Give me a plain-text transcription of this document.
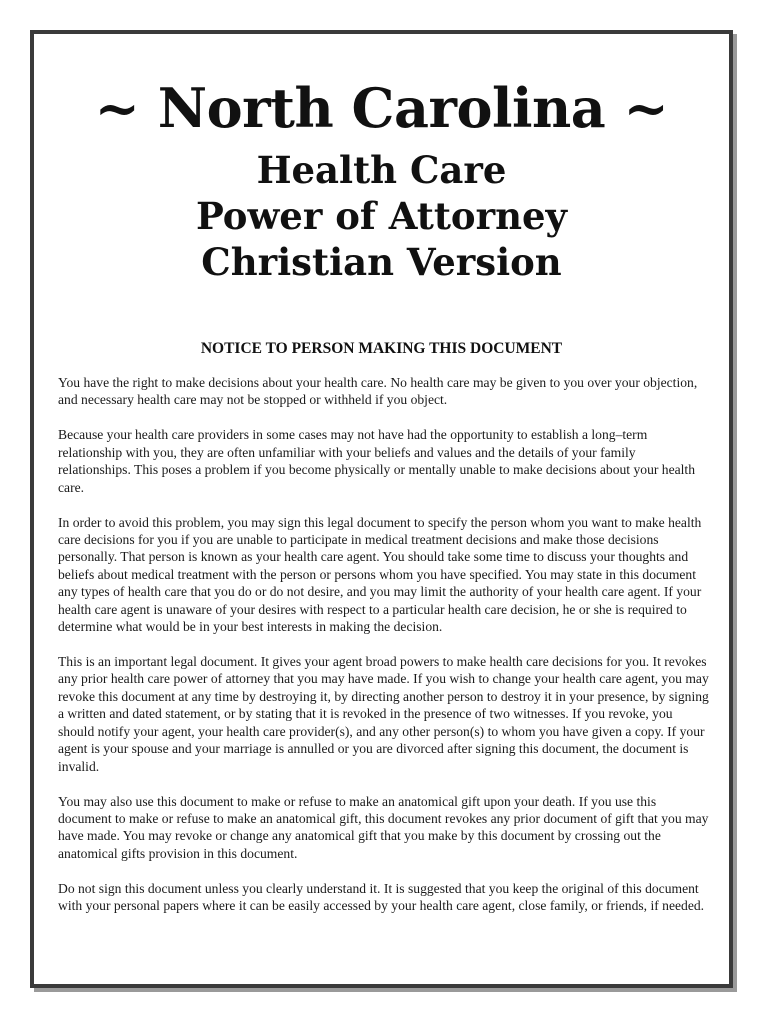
~ North Carolina ~
Health Care
Power of Attorney
Christian Version
NOTICE TO PERSON MAKING THIS DOCUMENT

You have the right to make decisions about your health care. No health care may be given to you over your objection, and necessary health care may not be stopped or withheld if you object.

Because your health care providers in some cases may not have had the opportunity to establish a long–term relationship with you, they are often unfamiliar with your beliefs and values and the details of your family relationships. This poses a problem if you become physically or mentally unable to make decisions about your health care.

In order to avoid this problem, you may sign this legal document to specify the person whom you want to make health care decisions for you if you are unable to participate in medical treatment decisions and make those decisions personally. That person is known as your health care agent. You should take some time to discuss your thoughts and beliefs about medical treatment with the person or persons whom you have specified. You may state in this document any types of health care that you do or do not desire, and you may limit the authority of your health care agent. If your health care agent is unaware of your desires with respect to a particular health care decision, he or she is required to determine what would be in your best interests in making the decision.

This is an important legal document. It gives your agent broad powers to make health care decisions for you. It revokes any prior health care power of attorney that you may have made. If you wish to change your health care agent, you may revoke this document at any time by destroying it, by directing another person to destroy it in your presence, by signing a written and dated statement, or by stating that it is revoked in the presence of two witnesses. If you revoke, you should notify your agent, your health care provider(s), and any other person(s) to whom you have given a copy. If your agent is your spouse and your marriage is annulled or you are divorced after signing this document, the document is invalid.

You may also use this document to make or refuse to make an anatomical gift upon your death. If you use this document to make or refuse to make an anatomical gift, this document revokes any prior document of gift that you may have made. You may revoke or change any anatomical gift that you make by this document by crossing out the anatomical gifts provision in this document.

Do not sign this document unless you clearly understand it. It is suggested that you keep the original of this document with your personal papers where it can be easily accessed by your health care agent, close family, or friends, if needed.
